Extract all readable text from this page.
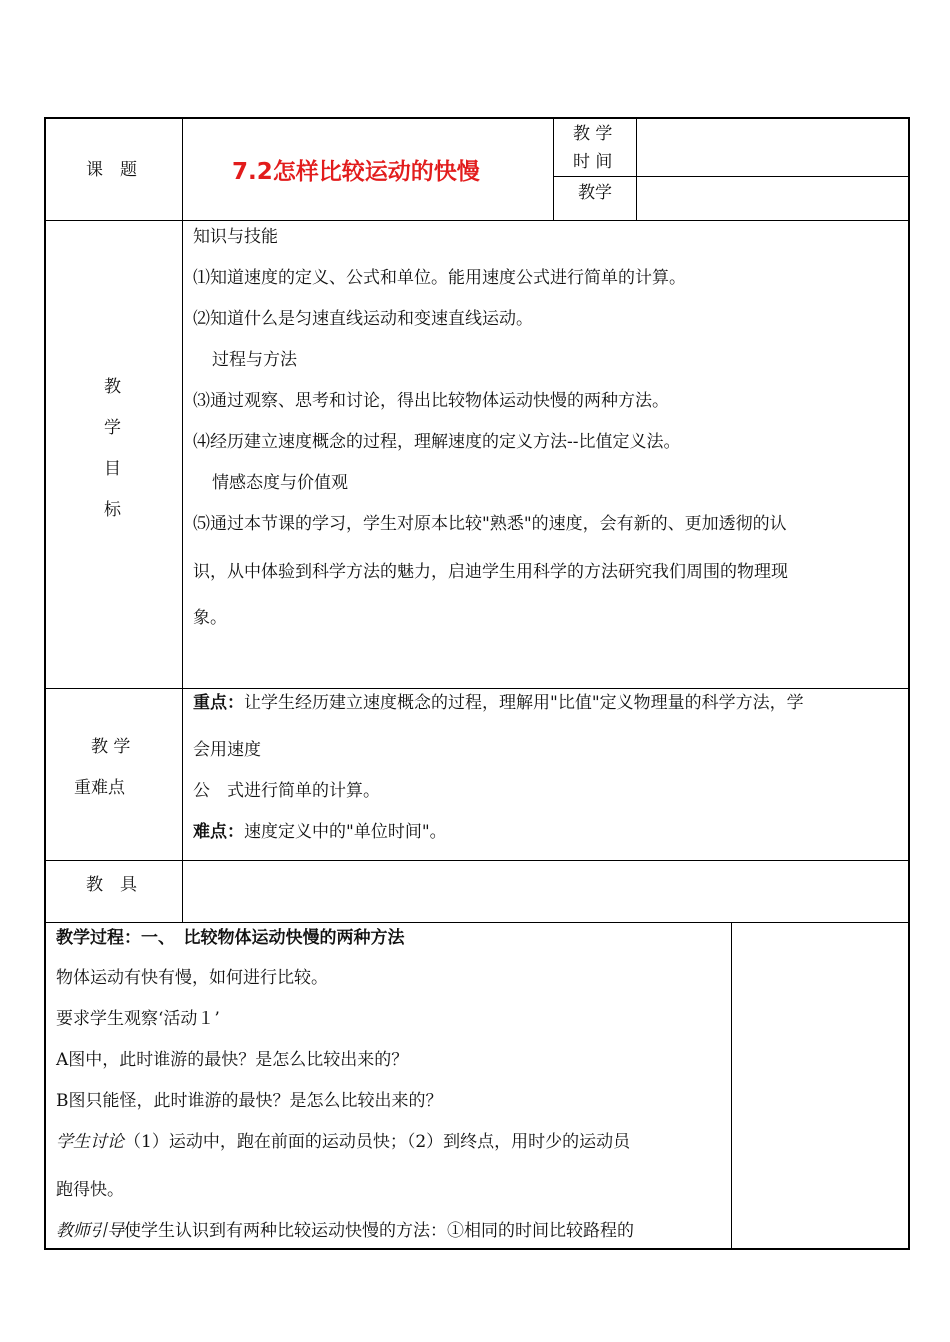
课　题	7.2怎样比较运动的快慢
教 学
时 间
教学
教
学
目
标
知识与技能
⑴知道速度的定义、公式和单位。能用速度公式进行简单的计算。
⑵知道什么是匀速直线运动和变速直线运动。
过程与方法
⑶通过观察、思考和讨论，得出比较物体运动快慢的两种方法。
⑷经历建立速度概念的过程，理解速度的定义方法--比值定义法。
情感态度与价值观
⑸通过本节课的学习，学生对原本比较"熟悉"的速度，会有新的、更加透彻的认
识，从中体验到科学方法的魅力，启迪学生用科学的方法研究我们周围的物理现
象。
教 学
重难点
重点：让学生经历建立速度概念的过程，理解用"比值"定义物理量的科学方法，学
会用速度
公　式进行简单的计算。
难点：速度定义中的"单位时间"。
教　具
教学过程：一、　比较物体运动快慢的两种方法
物体运动有快有慢，如何进行比较。
要求学生观察‘活动１’
A图中，此时谁游的最快？是怎么比较出来的？
B图只能怪，此时谁游的最快？是怎么比较出来的？
学生讨论（1）运动中，跑在前面的运动员快；（2）到终点，用时少的运动员
跑得快。
教师引导使学生认识到有两种比较运动快慢的方法：①相同的时间比较路程的
